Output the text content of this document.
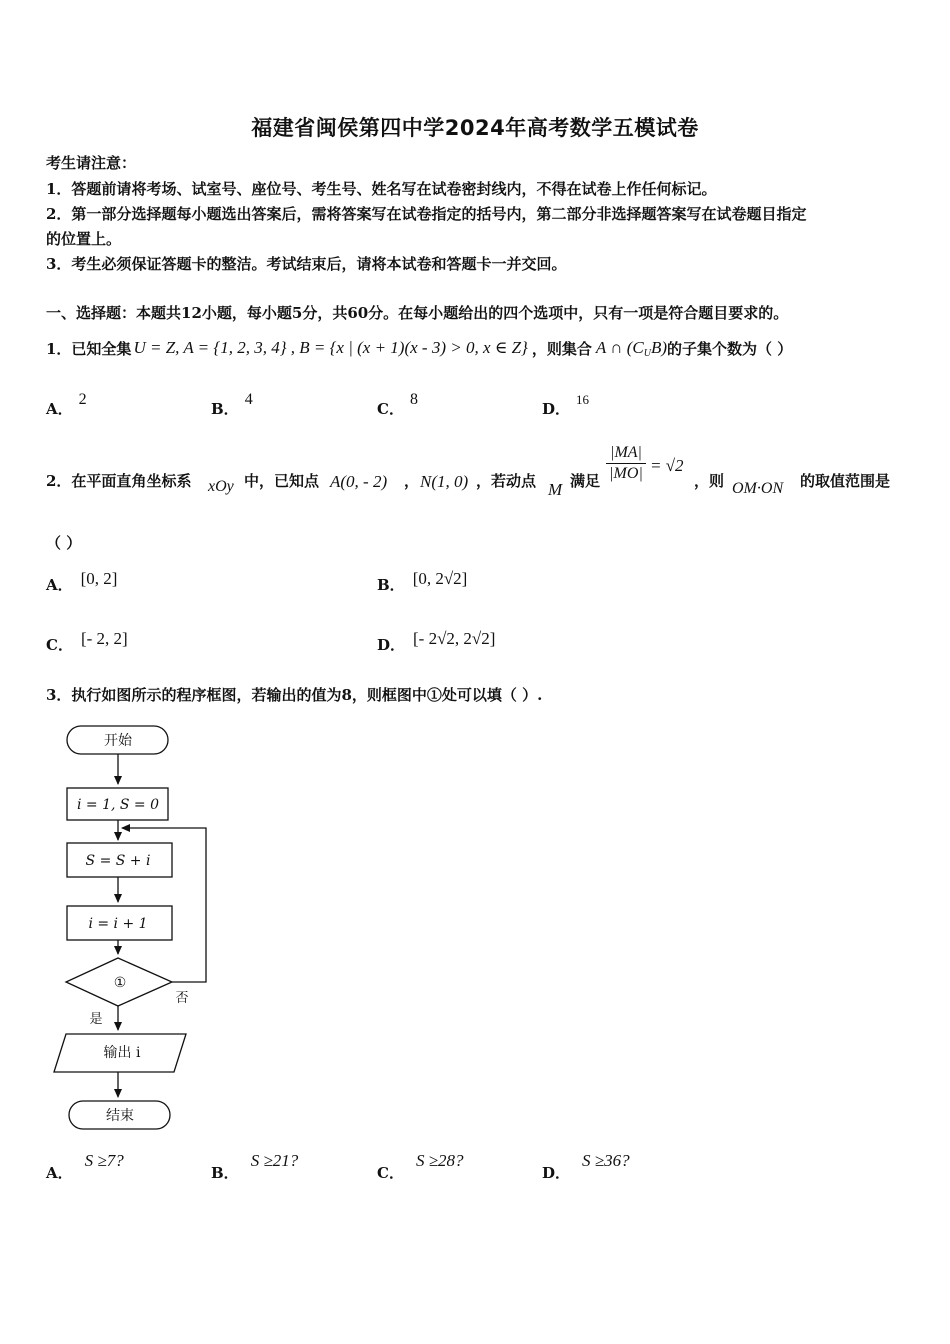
福建省闽侯第四中学2024年高考数学五模试卷
考生请注意：
1．答题前请将考场、试室号、座位号、考生号、姓名写在试卷密封线内，不得在试卷上作任何标记。
2．第一部分选择题每小题选出答案后，需将答案写在试卷指定的括号内，第二部分非选择题答案写在试卷题目指定
的位置上。
3．考生必须保证答题卡的整洁。考试结束后，请将本试卷和答题卡一并交回。
一、选择题：本题共12小题，每小题5分，共60分。在每小题给出的四个选项中，只有一项是符合题目要求的。
1．已知全集 U = Z, A = {1, 2, 3, 4} , B = {x | (x + 1)(x - 3) > 0, x ∈ Z} ，则集合 A ∩ (C U B) 的子集个数为（ ）
A．2
B．4
C．8
D．16
2．在平面直角坐标系 xOy 中，已知点 A(0, - 2) ， N(1, 0) ，若动点 M 满足 $\frac{|MA|}{|MO|} = √2$
，则 OM·ON 的取值范围是
（ ）
A． [0, 2]	B． [0, 2√2]
C． [- 2, 2]	D． [- 2√2, 2√2]
3．执行如图所示的程序框图，若输出的值为8，则框图中①处可以填（ ）.
开始
i = 1, S = 0
S = S + i
i = i + 1
①
否
是
输出 i
结束
A．S ≥7?
B．S ≥21?
C．S ≥28?
D．S ≥36?
